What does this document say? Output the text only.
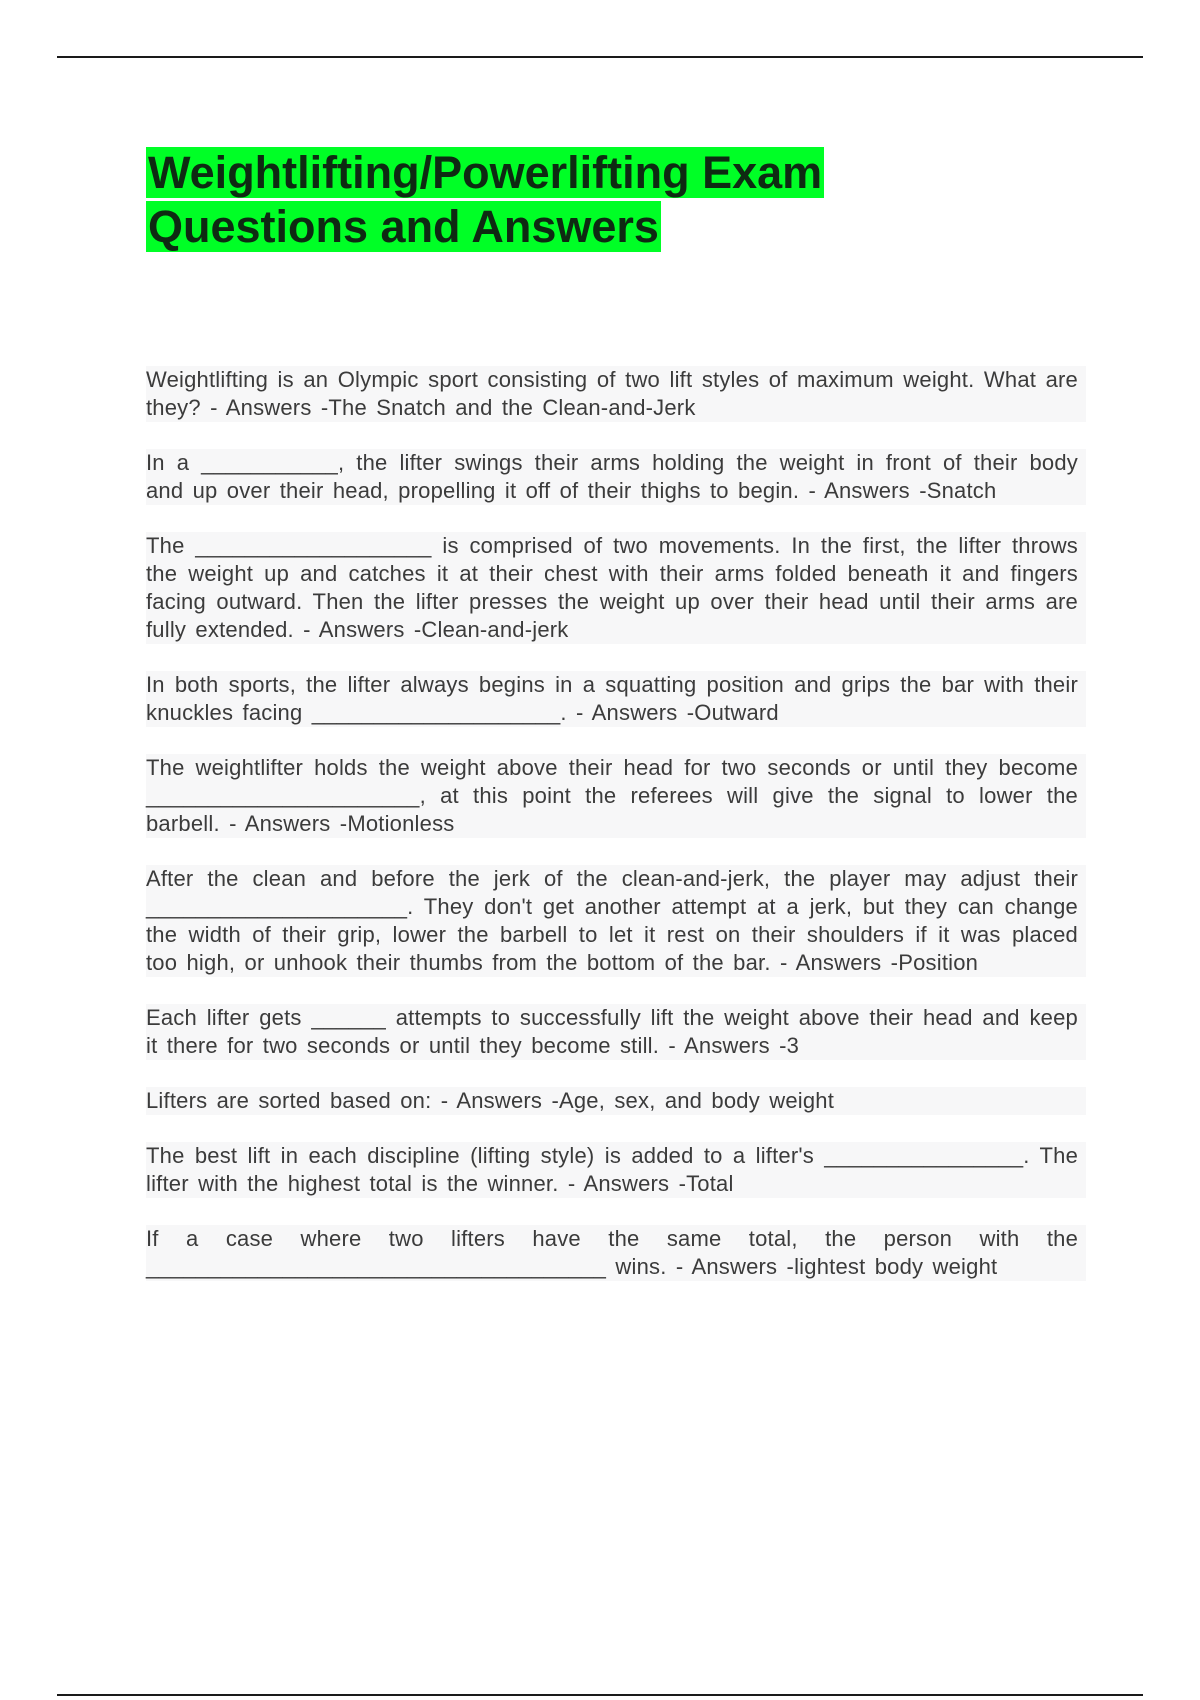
Weightlifting/Powerlifting Exam
Questions and Answers
Weightlifting is an Olympic sport consisting of two lift styles of maximum weight. What are they? - Answers -The Snatch and the Clean-and-Jerk
In a ___________, the lifter swings their arms holding the weight in front of their body and up over their head, propelling it off of their thighs to begin. - Answers -Snatch
The ___________________ is comprised of two movements. In the first, the lifter throws the weight up and catches it at their chest with their arms folded beneath it and fingers facing outward. Then the lifter presses the weight up over their head until their arms are fully extended. - Answers -Clean-and-jerk
In both sports, the lifter always begins in a squatting position and grips the bar with their knuckles facing ____________________. - Answers -Outward
The weightlifter holds the weight above their head for two seconds or until they become ______________________, at this point the referees will give the signal to lower the barbell. - Answers -Motionless
After the clean and before the jerk of the clean-and-jerk, the player may adjust their _____________________. They don't get another attempt at a jerk, but they can change the width of their grip, lower the barbell to let it rest on their shoulders if it was placed too high, or unhook their thumbs from the bottom of the bar. - Answers -Position
Each lifter gets ______ attempts to successfully lift the weight above their head and keep it there for two seconds or until they become still. - Answers -3
Lifters are sorted based on: - Answers -Age, sex, and body weight
The best lift in each discipline (lifting style) is added to a lifter's ________________. The lifter with the highest total is the winner. - Answers -Total
If a case where two lifters have the same total, the person with the _____________________________________ wins. - Answers -lightest body weight
